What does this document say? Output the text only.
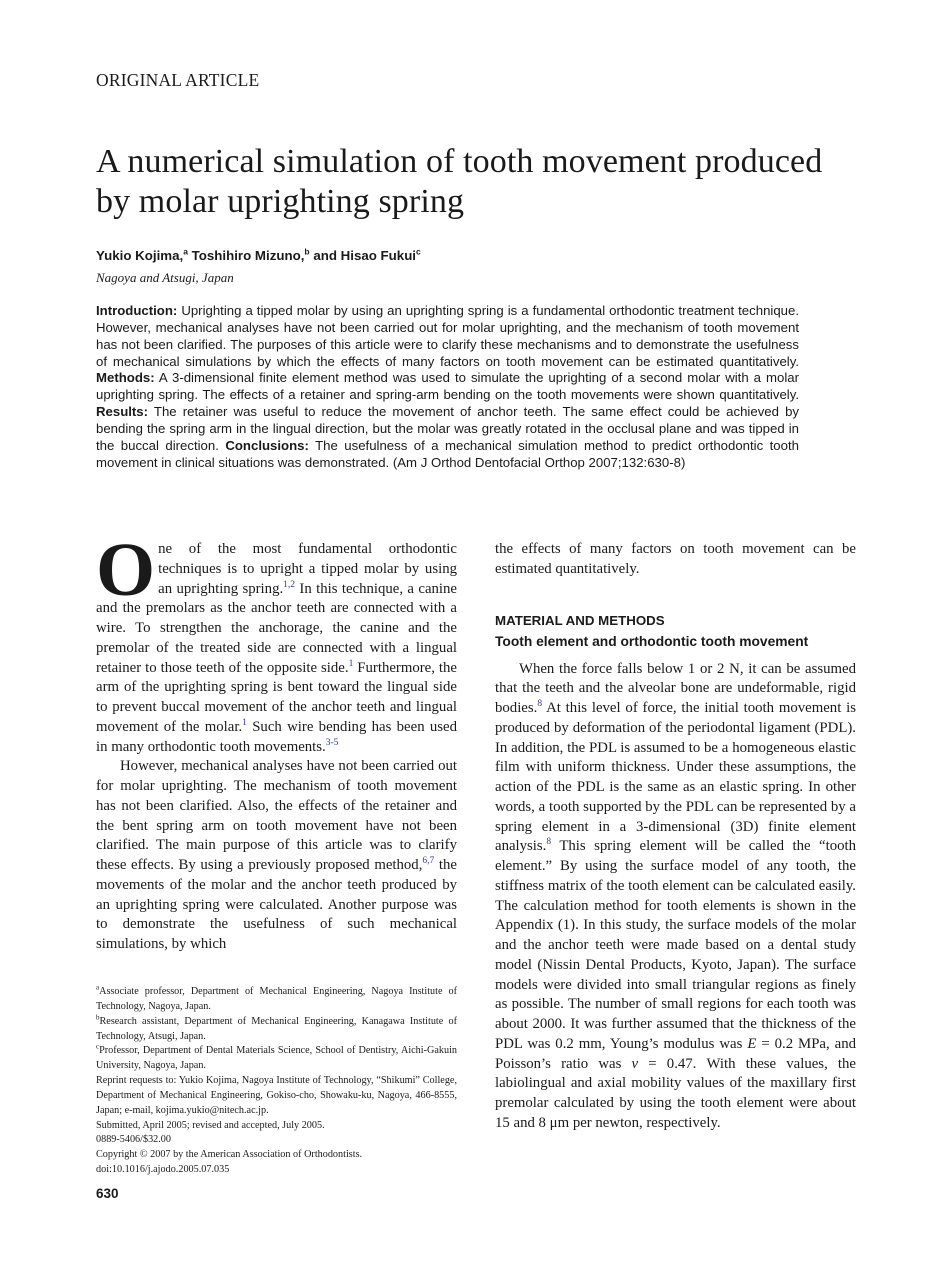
ORIGINAL ARTICLE
A numerical simulation of tooth movement produced by molar uprighting spring
Yukio Kojima,$^a$ Toshihiro Mizuno,$^b$ and Hisao Fukui$^c$
Nagoya and Atsugi, Japan

Introduction: Uprighting a tipped molar by using an uprighting spring is a fundamental orthodontic treatment technique. However, mechanical analyses have not been carried out for molar uprighting, and the mechanism of tooth movement has not been clarified. The purposes of this article were to clarify these mechanisms and to demonstrate the usefulness of mechanical simulations by which the effects of many factors on tooth movement can be estimated quantitatively. Methods: A 3-dimensional finite element method was used to simulate the uprighting of a second molar with a molar uprighting spring. The effects of a retainer and spring-arm bending on the tooth movements were shown quantitatively. Results: The retainer was useful to reduce the movement of anchor teeth. The same effect could be achieved by bending the spring arm in the lingual direction, but the molar was greatly rotated in the occlusal plane and was tipped in the buccal direction. Conclusions: The usefulness of a mechanical simulation method to predict orthodontic tooth movement in clinical situations was demonstrated. (Am J Orthod Dentofacial Orthop 2007;132:630-8)

One of the most fundamental orthodontic techniques is to upright a tipped molar by using an uprighting spring.$^{1,2}$ In this technique, a canine and the premolars as the anchor teeth are connected with a wire. To strengthen the anchorage, the canine and the premolar of the treated side are connected with a lingual retainer to those teeth of the opposite side.$^1$ Furthermore, the arm of the uprighting spring is bent toward the lingual side to prevent buccal movement of the anchor teeth and lingual movement of the molar.$^1$ Such wire bending has been used in many orthodontic tooth movements.$^{3-5}$

However, mechanical analyses have not been carried out for molar uprighting. The mechanism of tooth movement has not been clarified. Also, the effects of the retainer and the bent spring arm on tooth movement have not been clarified. The main purpose of this article was to clarify these effects. By using a previously proposed method,$^{6,7}$ the movements of the molar and the anchor teeth produced by an uprighting spring were calculated. Another purpose was to demonstrate the usefulness of such mechanical simulations, by which

$^a$Associate professor, Department of Mechanical Engineering, Nagoya Institute of Technology, Nagoya, Japan.
$^b$Research assistant, Department of Mechanical Engineering, Kanagawa Institute of Technology, Atsugi, Japan.
$^c$Professor, Department of Dental Materials Science, School of Dentistry, Aichi-Gakuin University, Nagoya, Japan.
Reprint requests to: Yukio Kojima, Nagoya Institute of Technology, “Shikumi” College, Department of Mechanical Engineering, Gokiso-cho, Showaku-ku, Nagoya, 466-8555, Japan; e-mail, kojima.yukio@nitech.ac.jp.
Submitted, April 2005; revised and accepted, July 2005.
0889-5406/$32.00
Copyright © 2007 by the American Association of Orthodontists.
doi:10.1016/j.ajodo.2005.07.035

the effects of many factors on tooth movement can be estimated quantitatively.

MATERIAL AND METHODS
Tooth element and orthodontic tooth movement

When the force falls below 1 or 2 N, it can be assumed that the teeth and the alveolar bone are undeformable, rigid bodies.$^8$ At this level of force, the initial tooth movement is produced by deformation of the periodontal ligament (PDL). In addition, the PDL is assumed to be a homogeneous elastic film with uniform thickness. Under these assumptions, the action of the PDL is the same as an elastic spring. In other words, a tooth supported by the PDL can be represented by a spring element in a 3-dimensional (3D) finite element analysis.$^8$ This spring element will be called the “tooth element.” By using the surface model of any tooth, the stiffness matrix of the tooth element can be calculated easily. The calculation method for tooth elements is shown in the Appendix (1). In this study, the surface models of the molar and the anchor teeth were made based on a dental study model (Nissin Dental Products, Kyoto, Japan). The surface models were divided into small triangular regions as finely as possible. The number of small regions for each tooth was about 2000. It was further assumed that the thickness of the PDL was 0.2 mm, Young’s modulus was E = 0.2 MPa, and Poisson’s ratio was ν = 0.47. With these values, the labiolingual and axial mobility values of the maxillary first premolar calculated by using the tooth element were about 15 and 8 μm per newton, respectively.

630
